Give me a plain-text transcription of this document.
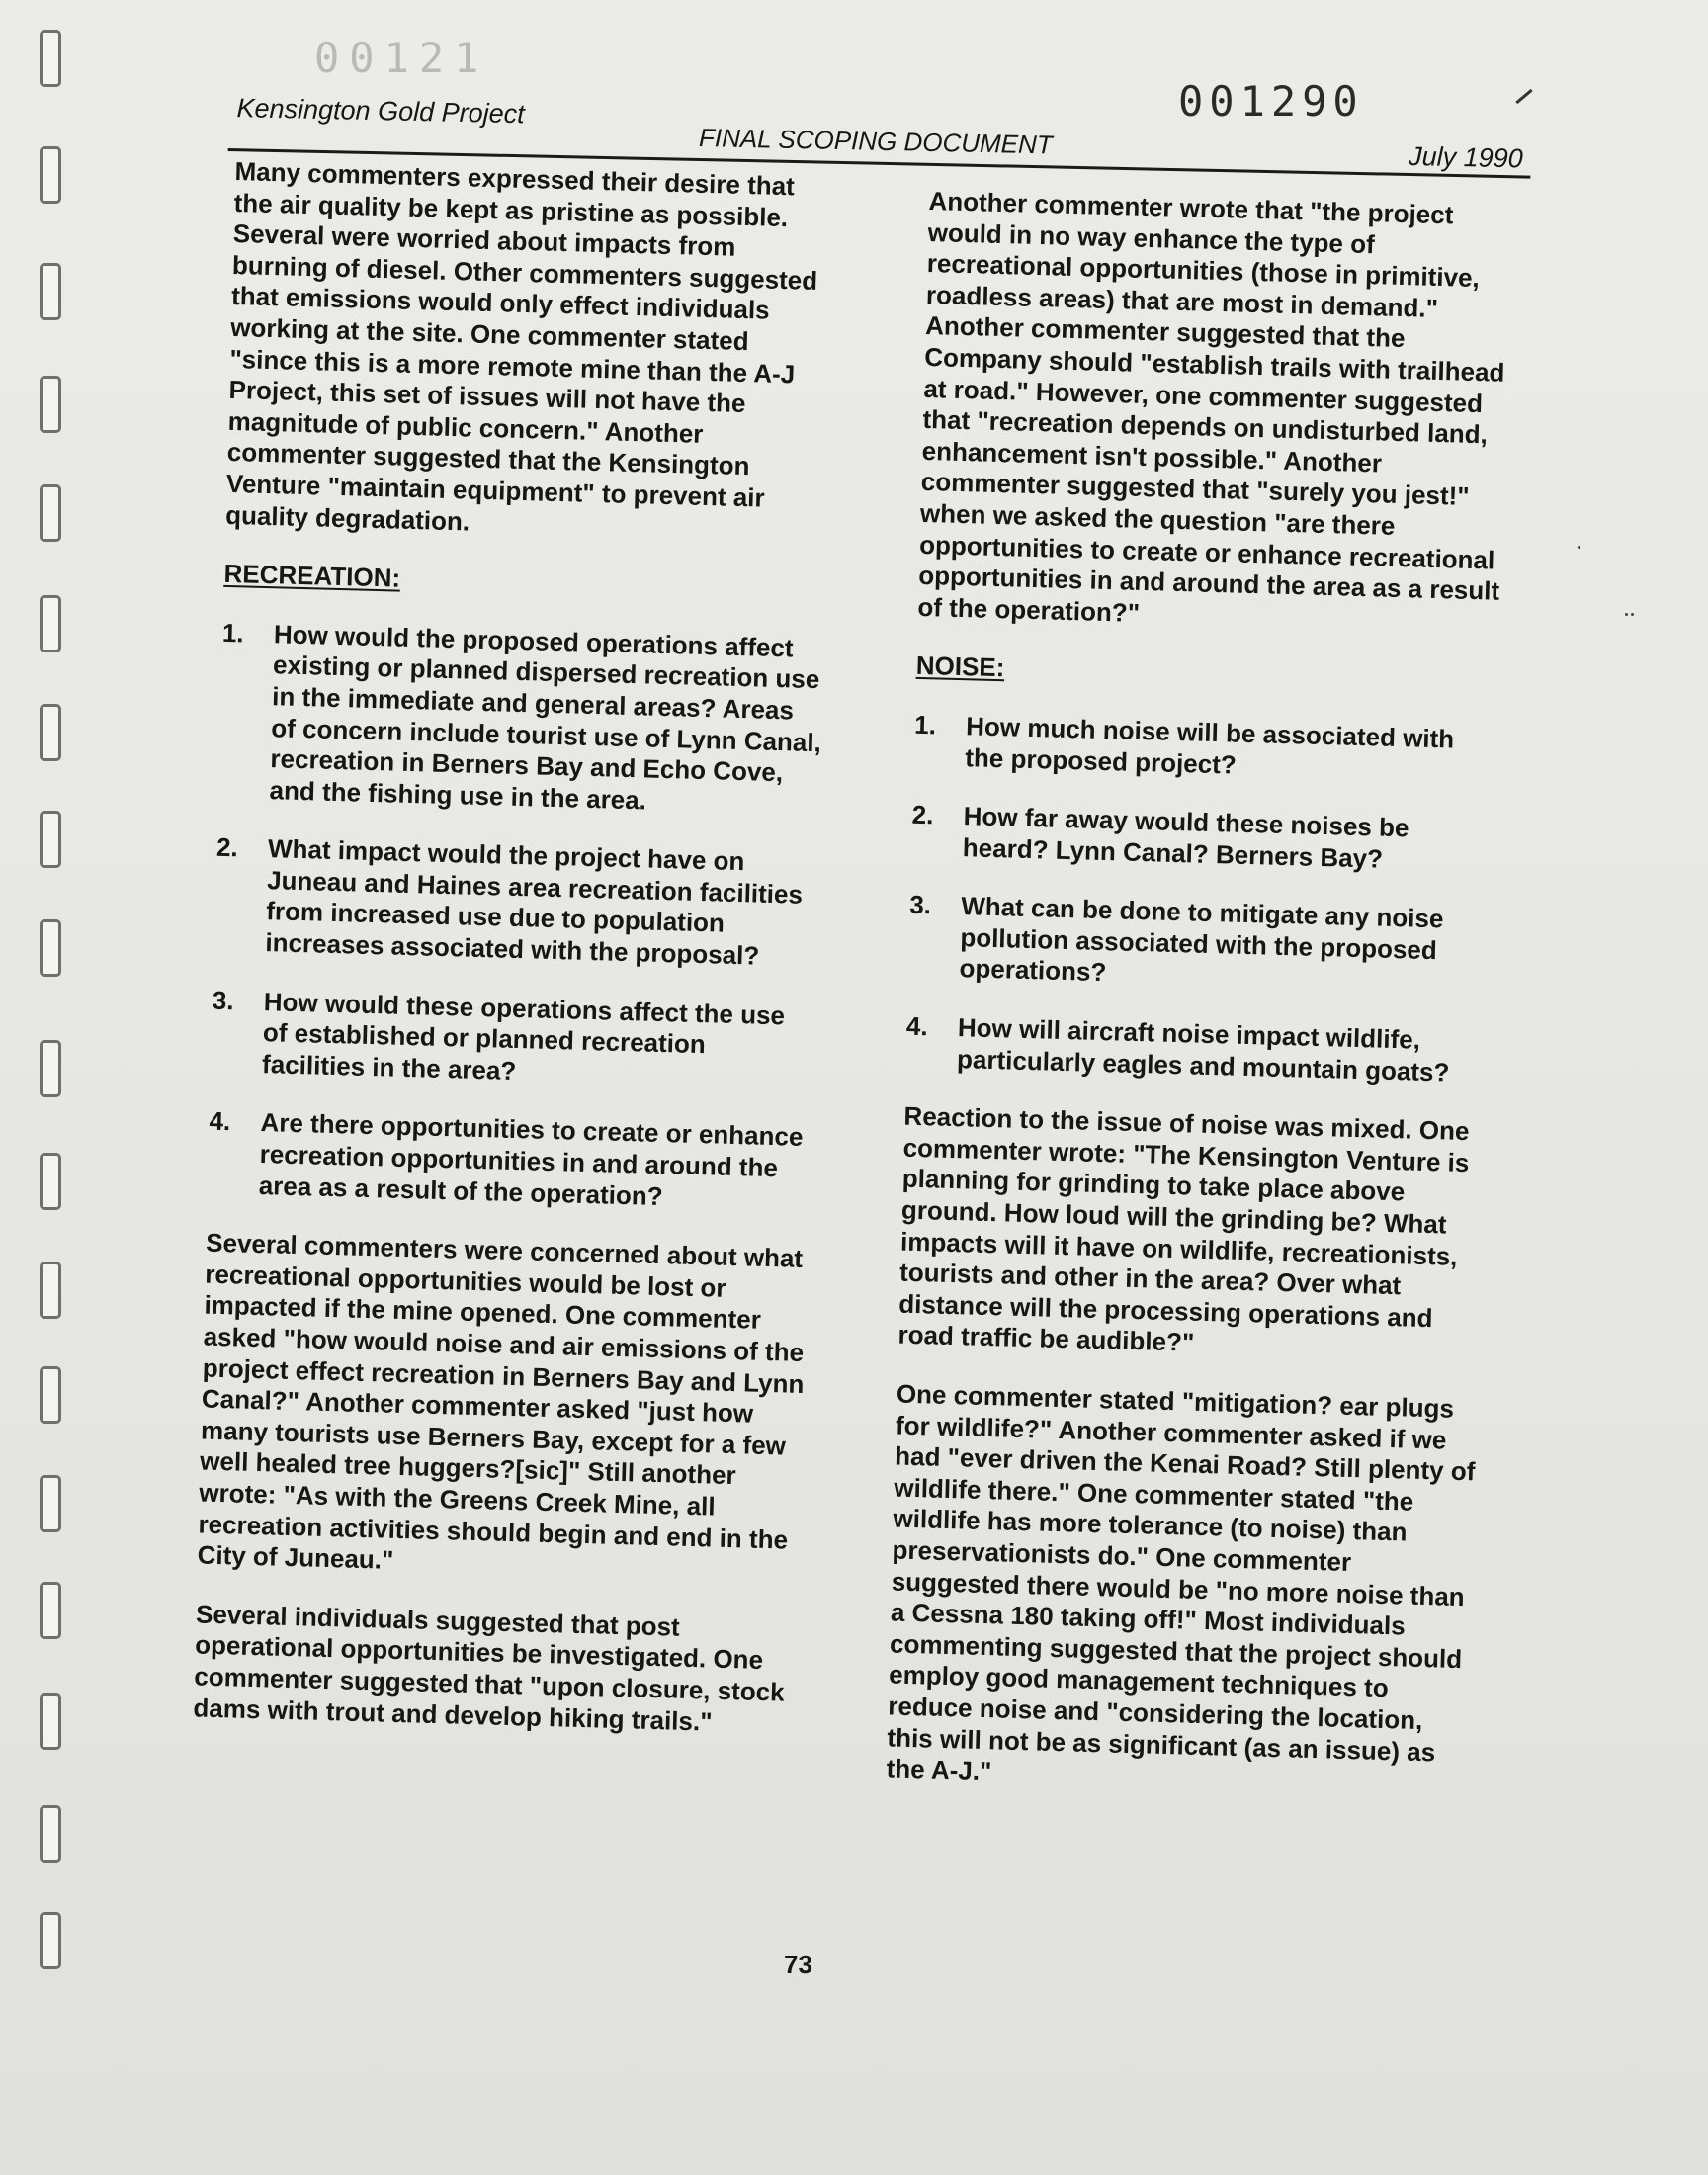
00121
001290
Kensington Gold Project
FINAL SCOPING DOCUMENT	July 1990

Many commenters expressed their desire that the air quality be kept as pristine as possible. Several were worried about impacts from burning of diesel. Other commenters suggested that emissions would only effect individuals working at the site. One commenter stated "since this is a more remote mine than the A-J Project, this set of issues will not have the magnitude of public concern." Another commenter suggested that the Kensington Venture "maintain equipment" to prevent air quality degradation.

RECREATION:

1. How would the proposed operations affect existing or planned dispersed recreation use in the immediate and general areas? Areas of concern include tourist use of Lynn Canal, recreation in Berners Bay and Echo Cove, and the fishing use in the area.
2. What impact would the project have on Juneau and Haines area recreation facilities from increased use due to population increases associated with the proposal?
3. How would these operations affect the use of established or planned recreation facilities in the area?
4. Are there opportunities to create or enhance recreation opportunities in and around the area as a result of the operation?

Several commenters were concerned about what recreational opportunities would be lost or impacted if the mine opened. One commenter asked "how would noise and air emissions of the project effect recreation in Berners Bay and Lynn Canal?" Another commenter asked "just how many tourists use Berners Bay, except for a few well healed tree huggers?[sic]" Still another wrote: "As with the Greens Creek Mine, all recreation activities should begin and end in the City of Juneau."

Several individuals suggested that post operational opportunities be investigated. One commenter suggested that "upon closure, stock dams with trout and develop hiking trails."

Another commenter wrote that "the project would in no way enhance the type of recreational opportunities (those in primitive, roadless areas) that are most in demand." Another commenter suggested that the Company should "establish trails with trailhead at road." However, one commenter suggested that "recreation depends on undisturbed land, enhancement isn't possible." Another commenter suggested that "surely you jest!" when we asked the question "are there opportunities to create or enhance recreational opportunities in and around the area as a result of the operation?"

NOISE:

1. How much noise will be associated with the proposed project?
2. How far away would these noises be heard? Lynn Canal? Berners Bay?
3. What can be done to mitigate any noise pollution associated with the proposed operations?
4. How will aircraft noise impact wildlife, particularly eagles and mountain goats?

Reaction to the issue of noise was mixed. One commenter wrote: "The Kensington Venture is planning for grinding to take place above ground. How loud will the grinding be? What impacts will it have on wildlife, recreationists, tourists and other in the area? Over what distance will the processing operations and road traffic be audible?"

One commenter stated "mitigation? ear plugs for wildlife?" Another commenter asked if we had "ever driven the Kenai Road? Still plenty of wildlife there." One commenter stated "the wildlife has more tolerance (to noise) than preservationists do." One commenter suggested there would be "no more noise than a Cessna 180 taking off!" Most individuals commenting suggested that the project should employ good management techniques to reduce noise and "considering the location, this will not be as significant (as an issue) as the A-J."

73
